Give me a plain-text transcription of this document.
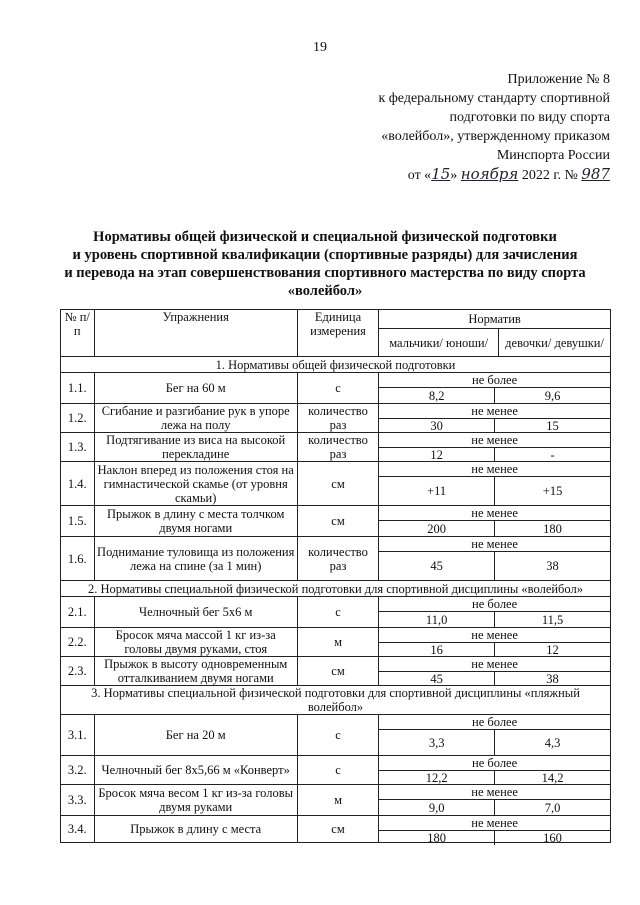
19
Приложение № 8
к федеральному стандарту спортивной
подготовки по виду спорта
«волейбол», утвержденному приказом
Минспорта России
от «15» ноября 2022 г. № 987
Нормативы общей физической и специальной физической подготовки
и уровень спортивной квалификации (спортивные разряды) для зачисления
и перевода на этап совершенствования спортивного мастерства по виду спорта
«волейбол»
№ п/п	Упражнения	Единица измерения	Норматив	
			мальчики/ юноши/	девочки/ девушки/
1. Нормативы общей физической подготовки				
1.1.	Бег на 60 м	с	не более
8,2 9,6	

1.2.	Сгибание и разгибание рук в упоре лежа на полу	количество раз	не менее
30 15	

1.3.	Подтягивание из виса на высокой перекладине	количество раз	не менее
12 -	

1.4.	Наклон вперед из положения стоя на гимнастической скамье (от уровня скамьи)	см	не менее
+11 +15	

1.5.	Прыжок в длину с места толчком двумя ногами	см	не менее
200 180	

1.6.	Поднимание туловища из положения лежа на спине (за 1 мин)	количество раз	не менее
45 38	

2. Нормативы специальной физической подготовки для спортивной дисциплины «волейбол»				
2.1.	Челночный бег 5х6 м	с	не более
11,0 11,5	

2.2.	Бросок мяча массой 1 кг из-за головы двумя руками, стоя	м	не менее
16 12	

2.3.	Прыжок в высоту одновременным отталкиванием двумя ногами	см	не менее
45 38	

3. Нормативы специальной физической подготовки для спортивной дисциплины «пляжный волейбол»				
3.1.	Бег на 20 м	с	не более
3,3 4,3	

3.2.	Челночный бег 8х5,66 м «Конверт»	с	не более
12,2 14,2	

3.3.	Бросок мяча весом 1 кг из-за головы двумя руками	м	не менее
9,0 7,0	

3.4.	Прыжок в длину с места	см	не менее
180 160	
